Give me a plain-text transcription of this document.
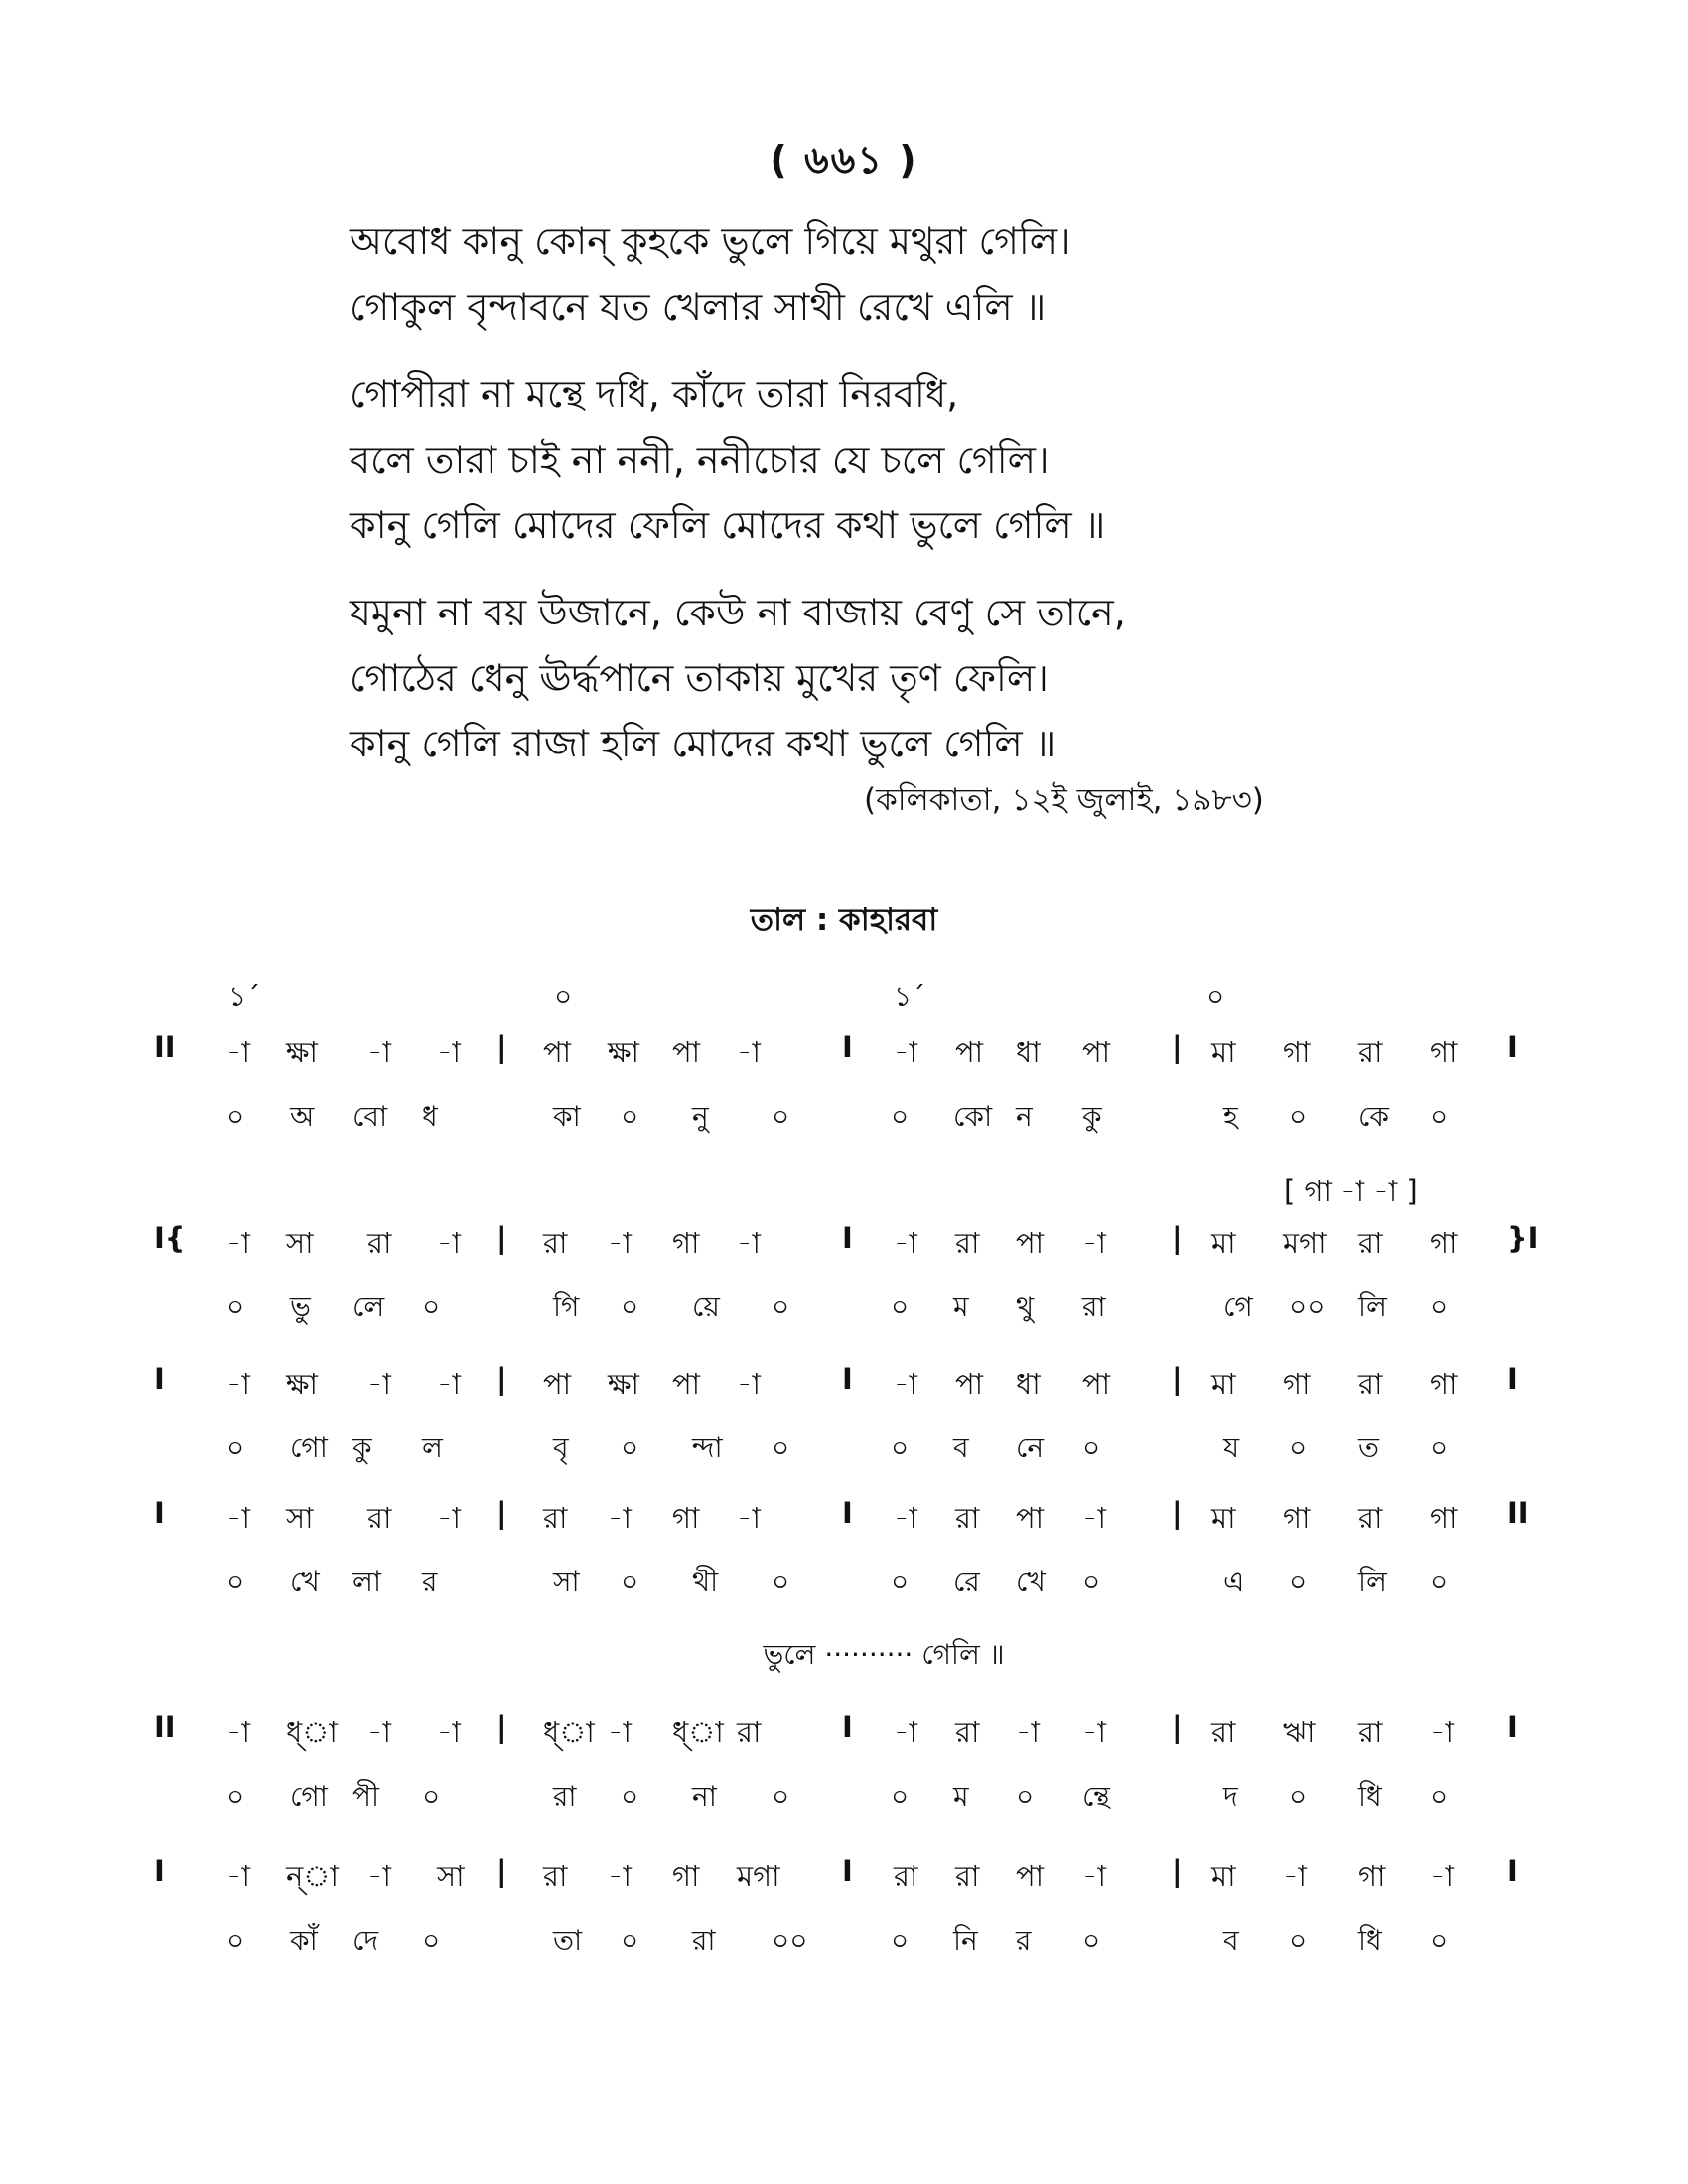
( ৬৬১ )
অবোধ কানু কোন্ কুহকে ভুলে গিয়ে মথুরা গেলি।
গোকুল বৃন্দাবনে যত খেলার সাথী রেখে এলি ॥
গোপীরা না মন্থে দধি, কাঁদে তারা নিরবধি,
বলে তারা চাই না ননী, ননীচোর যে চলে গেলি।
কানু গেলি মোদের ফেলি মোদের কথা ভুলে গেলি ॥
যমুনা না বয় উজানে, কেউ না বাজায় বেণু সে তানে,
গোঠের ধেনু ঊর্দ্ধপানে তাকায় মুখের তৃণ ফেলি।
কানু গেলি রাজা হলি মোদের কথা ভুলে গেলি ॥
(কলিকাতা, ১২ই জুলাই, ১৯৮৩)
তাল : কাহারবা
১´	০	১´	০
[ গা -া -া ]
ভুলে ·········· গেলি ॥
II -া ক্ষা -া -া | পা ক্ষা পা -া	I -া পা ধা পা | মা গা রা গা I
০ অ বো ধ	কা ০ নু ০	০ কো ন কু	হ ০ কে ০
I{ -া সা রা -া | রা -া গা -া	I -া রা পা -া | মা মগা রা গা }I
০ ভু লে ০	গি ০ য়ে ০	০ ম থু রা	গে ০০ লি ০
I -া ক্ষা -া -া | পা ক্ষা পা -া	I -া পা ধা পা | মা গা রা গা I
০ গো কু ল	বৃ ০ ন্দা ০	০ ব নে ০	য ০ ত ০
I -া সা রা -া | রা -া গা -া	I -া রা পা -া | মা গা রা গা II
০ খে লা র	সা ০ থী ০	০ রে খে ০	এ ০ লি ০
II -া ধ্া -া -া | ধ্া -া ধ্া রা	I -া রা -া -া | রা ঋা রা -া I
০ গো পী ০	রা ০ না ০	০ ম ০ ন্থে	দ ০ ধি ০
I -া ন্া -া সা | রা -া গা মগা I রা রা পা -া | মা -া গা -া I
০ কাঁ দে ০	তা ০ রা ০০	০ নি র ০	ব ০ ধি ০
